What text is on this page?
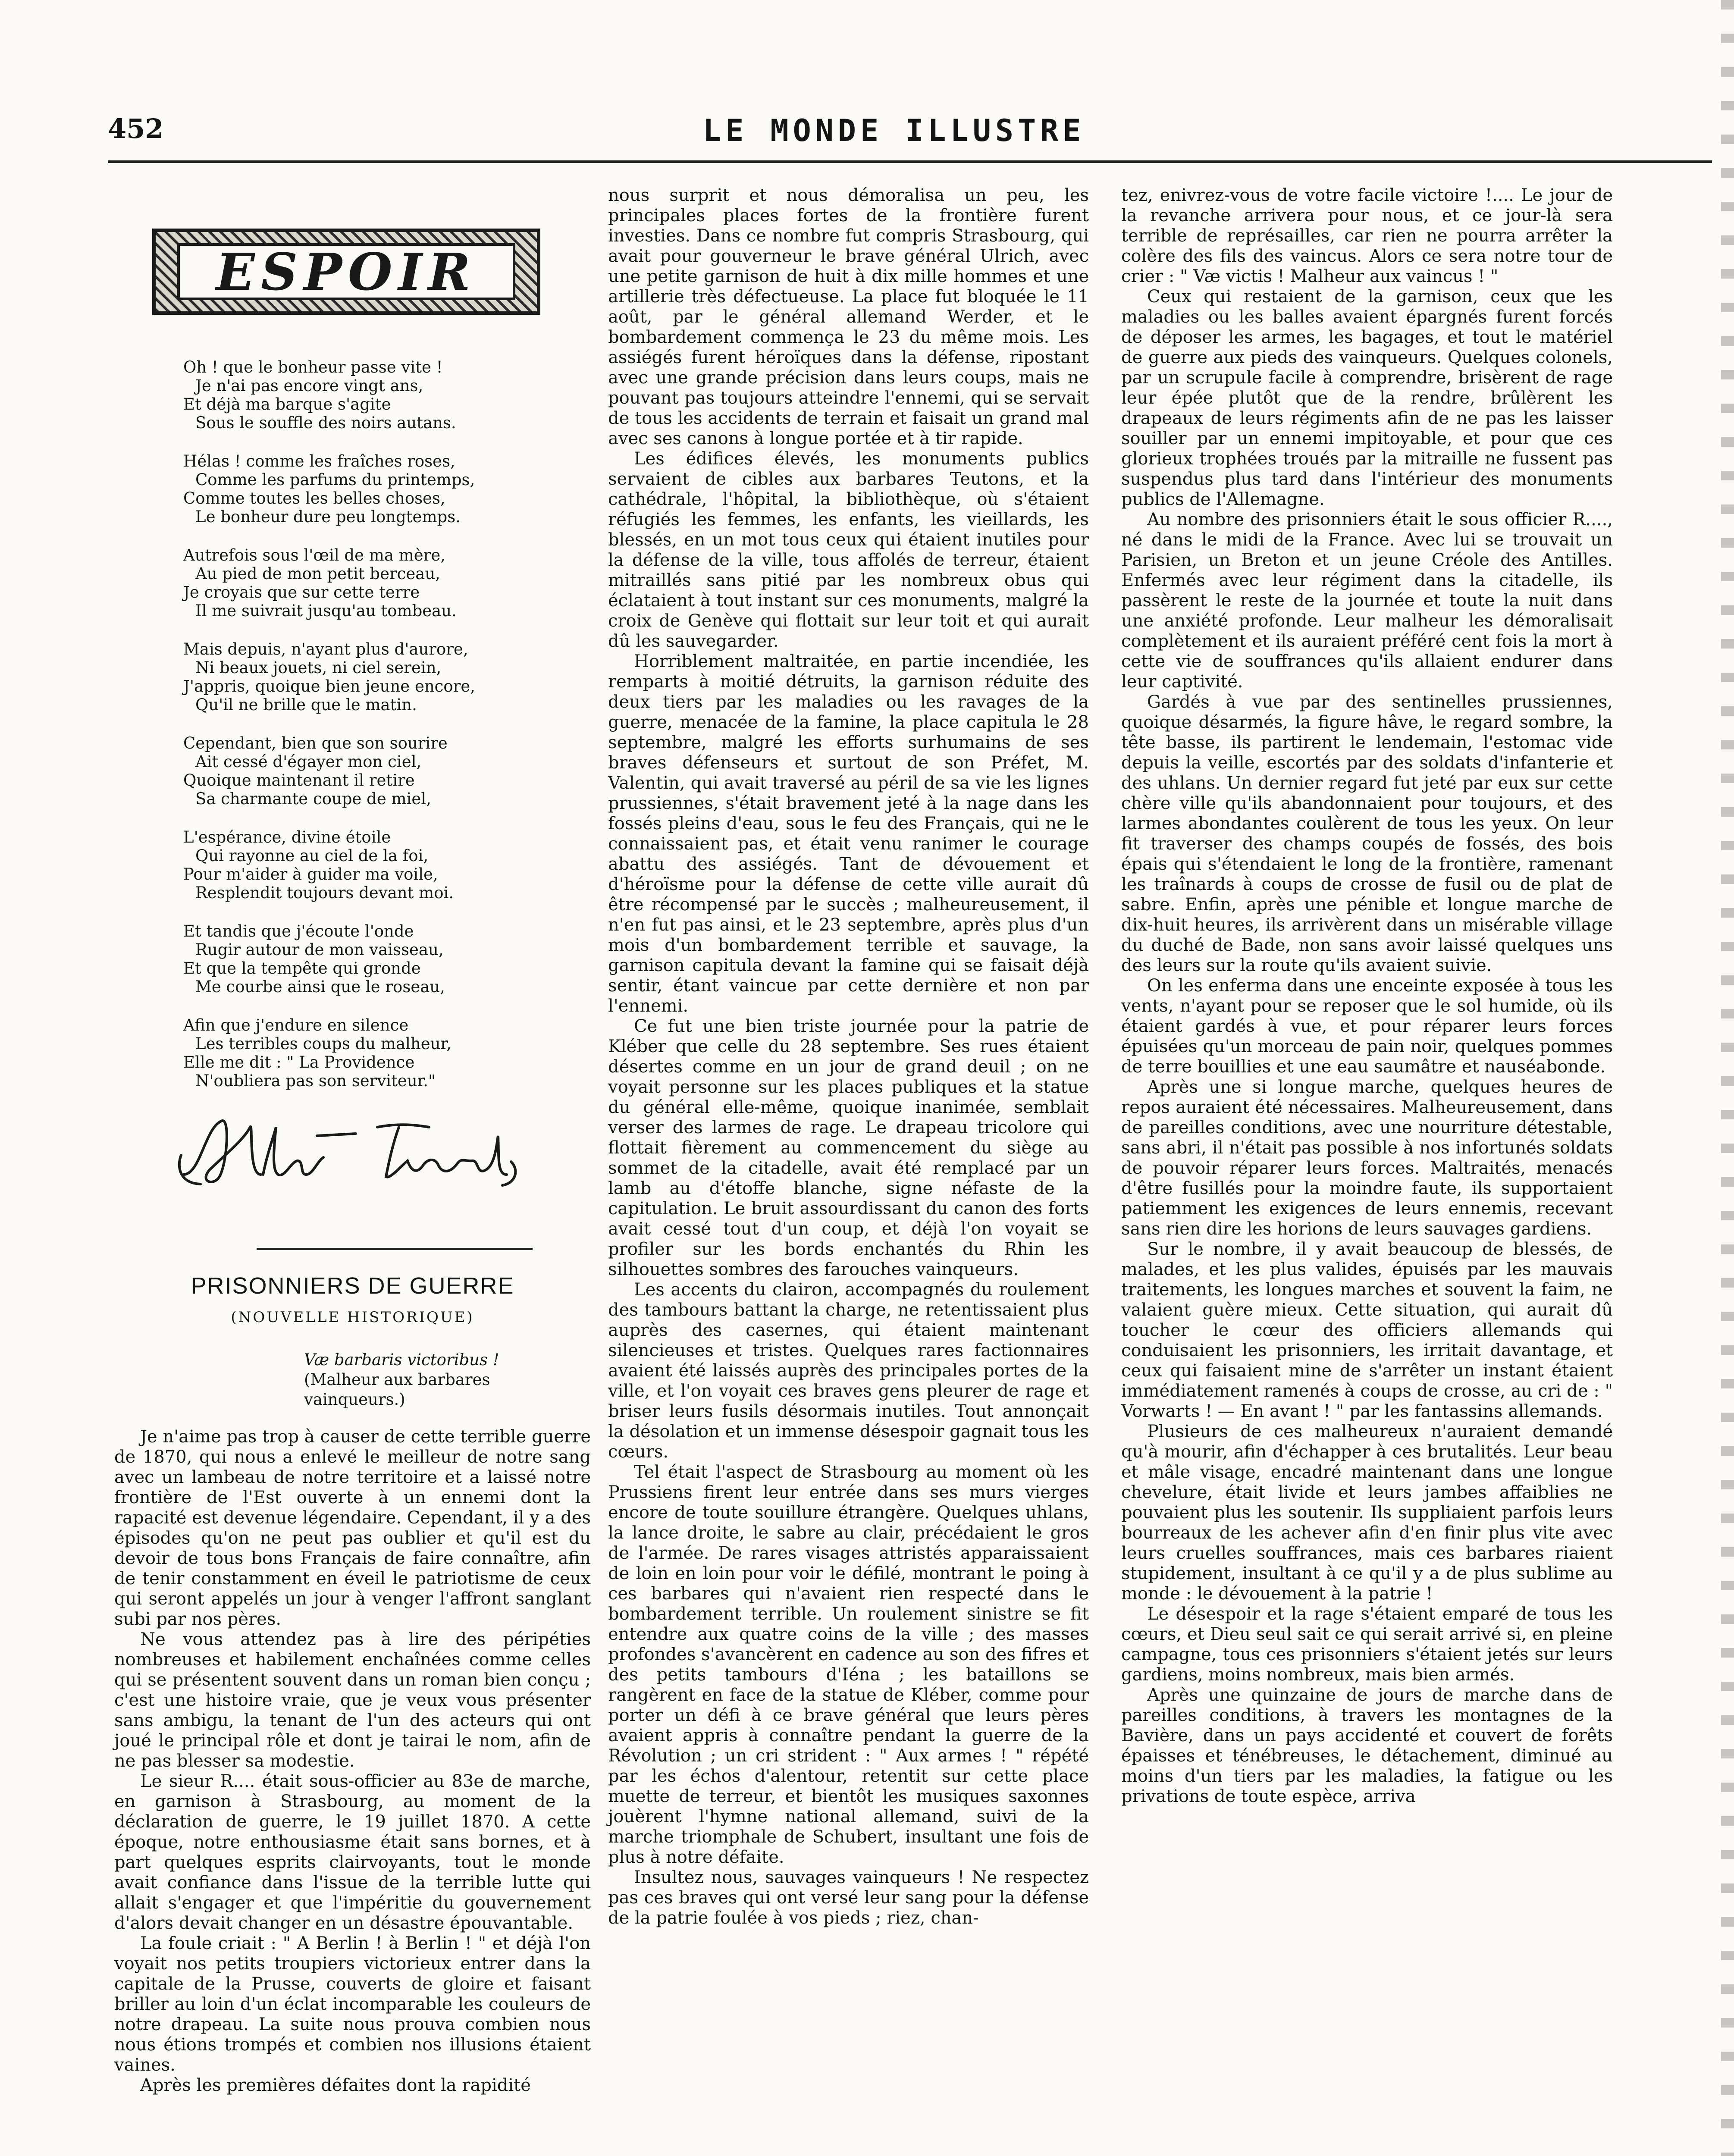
452	LE MONDE ILLUSTRE
ESPOIR
Oh ! que le bonheur passe vite !
Je n'ai pas encore vingt ans,
Et déjà ma barque s'agite
Sous le souffle des noirs autans.
Hélas ! comme les fraîches roses,
Comme les parfums du printemps,
Comme toutes les belles choses,
Le bonheur dure peu longtemps.
Autrefois sous l'œil de ma mère,
Au pied de mon petit berceau,
Je croyais que sur cette terre
Il me suivrait jusqu'au tombeau.
Mais depuis, n'ayant plus d'aurore,
Ni beaux jouets, ni ciel serein,
J'appris, quoique bien jeune encore,
Qu'il ne brille que le matin.
Cependant, bien que son sourire
Ait cessé d'égayer mon ciel,
Quoique maintenant il retire
Sa charmante coupe de miel,
L'espérance, divine étoile
Qui rayonne au ciel de la foi,
Pour m'aider à guider ma voile,
Resplendit toujours devant moi.
Et tandis que j'écoute l'onde
Rugir autour de mon vaisseau,
Et que la tempête qui gronde
Me courbe ainsi que le roseau,
Afin que j'endure en silence
Les terribles coups du malheur,
Elle me dit : " La Providence
N'oubliera pas son serviteur."
PRISONNIERS DE GUERRE
(NOUVELLE HISTORIQUE)
Væ barbaris victoribus !
(Malheur aux barbares vainqueurs.)

Je n'aime pas trop à causer de cette terrible guerre de 1870, qui nous a enlevé le meilleur de notre sang avec un lambeau de notre territoire et a laissé notre frontière de l'Est ouverte à un ennemi dont la rapacité est devenue légendaire. Cependant, il y a des épisodes qu'on ne peut pas oublier et qu'il est du devoir de tous bons Français de faire connaître, afin de tenir constamment en éveil le patriotisme de ceux qui seront appelés un jour à venger l'affront sanglant subi par nos pères.

Ne vous attendez pas à lire des péripéties nombreuses et habilement enchaînées comme celles qui se présentent souvent dans un roman bien conçu ; c'est une histoire vraie, que je veux vous présenter sans ambigu, la tenant de l'un des acteurs qui ont joué le principal rôle et dont je tairai le nom, afin de ne pas blesser sa modestie.

Le sieur R.... était sous-officier au 83e de marche, en garnison à Strasbourg, au moment de la déclaration de guerre, le 19 juillet 1870. A cette époque, notre enthousiasme était sans bornes, et à part quelques esprits clairvoyants, tout le monde avait confiance dans l'issue de la terrible lutte qui allait s'engager et que l'impéritie du gouvernement d'alors devait changer en un désastre épouvantable.

La foule criait : " A Berlin ! à Berlin ! " et déjà l'on voyait nos petits troupiers victorieux entrer dans la capitale de la Prusse, couverts de gloire et faisant briller au loin d'un éclat incomparable les couleurs de notre drapeau. La suite nous prouva combien nous nous étions trompés et combien nos illusions étaient vaines.

Après les premières défaites dont la rapidité

nous surprit et nous démoralisa un peu, les principales places fortes de la frontière furent investies. Dans ce nombre fut compris Strasbourg, qui avait pour gouverneur le brave général Ulrich, avec une petite garnison de huit à dix mille hommes et une artillerie très défectueuse. La place fut bloquée le 11 août, par le général allemand Werder, et le bombardement commença le 23 du même mois. Les assiégés furent héroïques dans la défense, ripostant avec une grande précision dans leurs coups, mais ne pouvant pas toujours atteindre l'ennemi, qui se servait de tous les accidents de terrain et faisait un grand mal avec ses canons à longue portée et à tir rapide.

Les édifices élevés, les monuments publics servaient de cibles aux barbares Teutons, et la cathédrale, l'hôpital, la bibliothèque, où s'étaient réfugiés les femmes, les enfants, les vieillards, les blessés, en un mot tous ceux qui étaient inutiles pour la défense de la ville, tous affolés de terreur, étaient mitraillés sans pitié par les nombreux obus qui éclataient à tout instant sur ces monuments, malgré la croix de Genève qui flottait sur leur toit et qui aurait dû les sauvegarder.

Horriblement maltraitée, en partie incendiée, les remparts à moitié détruits, la garnison réduite des deux tiers par les maladies ou les ravages de la guerre, menacée de la famine, la place capitula le 28 septembre, malgré les efforts surhumains de ses braves défenseurs et surtout de son Préfet, M. Valentin, qui avait traversé au péril de sa vie les lignes prussiennes, s'était bravement jeté à la nage dans les fossés pleins d'eau, sous le feu des Français, qui ne le connaissaient pas, et était venu ranimer le courage abattu des assiégés. Tant de dévouement et d'héroïsme pour la défense de cette ville aurait dû être récompensé par le succès ; malheureusement, il n'en fut pas ainsi, et le 23 septembre, après plus d'un mois d'un bombardement terrible et sauvage, la garnison capitula devant la famine qui se faisait déjà sentir, étant vaincue par cette dernière et non par l'ennemi.

Ce fut une bien triste journée pour la patrie de Kléber que celle du 28 septembre. Ses rues étaient désertes comme en un jour de grand deuil ; on ne voyait personne sur les places publiques et la statue du général elle-même, quoique inanimée, semblait verser des larmes de rage. Le drapeau tricolore qui flottait fièrement au commencement du siège au sommet de la citadelle, avait été remplacé par un lamb au d'étoffe blanche, signe néfaste de la capitulation. Le bruit assourdissant du canon des forts avait cessé tout d'un coup, et déjà l'on voyait se profiler sur les bords enchantés du Rhin les silhouettes sombres des farouches vainqueurs.

Les accents du clairon, accompagnés du roulement des tambours battant la charge, ne retentissaient plus auprès des casernes, qui étaient maintenant silencieuses et tristes. Quelques rares factionnaires avaient été laissés auprès des principales portes de la ville, et l'on voyait ces braves gens pleurer de rage et briser leurs fusils désormais inutiles. Tout annonçait la désolation et un immense désespoir gagnait tous les cœurs.

Tel était l'aspect de Strasbourg au moment où les Prussiens firent leur entrée dans ses murs vierges encore de toute souillure étrangère. Quelques uhlans, la lance droite, le sabre au clair, précédaient le gros de l'armée. De rares visages attristés apparaissaient de loin en loin pour voir le défilé, montrant le poing à ces barbares qui n'avaient rien respecté dans le bombardement terrible. Un roulement sinistre se fit entendre aux quatre coins de la ville ; des masses profondes s'avancèrent en cadence au son des fifres et des petits tambours d'Iéna ; les bataillons se rangèrent en face de la statue de Kléber, comme pour porter un défi à ce brave général que leurs pères avaient appris à connaître pendant la guerre de la Révolution ; un cri strident : " Aux armes ! " répété par les échos d'alentour, retentit sur cette place muette de terreur, et bientôt les musiques saxonnes jouèrent l'hymne national allemand, suivi de la marche triomphale de Schubert, insultant une fois de plus à notre défaite.

Insultez nous, sauvages vainqueurs ! Ne respectez pas ces braves qui ont versé leur sang pour la défense de la patrie foulée à vos pieds ; riez, chan-

tez, enivrez-vous de votre facile victoire !.... Le jour de la revanche arrivera pour nous, et ce jour-là sera terrible de représailles, car rien ne pourra arrêter la colère des fils des vaincus. Alors ce sera notre tour de crier : " Væ victis ! Malheur aux vaincus ! "

Ceux qui restaient de la garnison, ceux que les maladies ou les balles avaient épargnés furent forcés de déposer les armes, les bagages, et tout le matériel de guerre aux pieds des vainqueurs. Quelques colonels, par un scrupule facile à comprendre, brisèrent de rage leur épée plutôt que de la rendre, brûlèrent les drapeaux de leurs régiments afin de ne pas les laisser souiller par un ennemi impitoyable, et pour que ces glorieux trophées troués par la mitraille ne fussent pas suspendus plus tard dans l'intérieur des monuments publics de l'Allemagne.

Au nombre des prisonniers était le sous officier R...., né dans le midi de la France. Avec lui se trouvait un Parisien, un Breton et un jeune Créole des Antilles. Enfermés avec leur régiment dans la citadelle, ils passèrent le reste de la journée et toute la nuit dans une anxiété profonde. Leur malheur les démoralisait complètement et ils auraient préféré cent fois la mort à cette vie de souffrances qu'ils allaient endurer dans leur captivité.

Gardés à vue par des sentinelles prussiennes, quoique désarmés, la figure hâve, le regard sombre, la tête basse, ils partirent le lendemain, l'estomac vide depuis la veille, escortés par des soldats d'infanterie et des uhlans. Un dernier regard fut jeté par eux sur cette chère ville qu'ils abandonnaient pour toujours, et des larmes abondantes coulèrent de tous les yeux. On leur fit traverser des champs coupés de fossés, des bois épais qui s'étendaient le long de la frontière, ramenant les traînards à coups de crosse de fusil ou de plat de sabre. Enfin, après une pénible et longue marche de dix-huit heures, ils arrivèrent dans un misérable village du duché de Bade, non sans avoir laissé quelques uns des leurs sur la route qu'ils avaient suivie.

On les enferma dans une enceinte exposée à tous les vents, n'ayant pour se reposer que le sol humide, où ils étaient gardés à vue, et pour réparer leurs forces épuisées qu'un morceau de pain noir, quelques pommes de terre bouillies et une eau saumâtre et nauséabonde.

Après une si longue marche, quelques heures de repos auraient été nécessaires. Malheureusement, dans de pareilles conditions, avec une nourriture détestable, sans abri, il n'était pas possible à nos infortunés soldats de pouvoir réparer leurs forces. Maltraités, menacés d'être fusillés pour la moindre faute, ils supportaient patiemment les exigences de leurs ennemis, recevant sans rien dire les horions de leurs sauvages gardiens.

Sur le nombre, il y avait beaucoup de blessés, de malades, et les plus valides, épuisés par les mauvais traitements, les longues marches et souvent la faim, ne valaient guère mieux. Cette situation, qui aurait dû toucher le cœur des officiers allemands qui conduisaient les prisonniers, les irritait davantage, et ceux qui faisaient mine de s'arrêter un instant étaient immédiatement ramenés à coups de crosse, au cri de : " Vorwarts ! — En avant ! " par les fantassins allemands.

Plusieurs de ces malheureux n'auraient demandé qu'à mourir, afin d'échapper à ces brutalités. Leur beau et mâle visage, encadré maintenant dans une longue chevelure, était livide et leurs jambes affaiblies ne pouvaient plus les soutenir. Ils suppliaient parfois leurs bourreaux de les achever afin d'en finir plus vite avec leurs cruelles souffrances, mais ces barbares riaient stupidement, insultant à ce qu'il y a de plus sublime au monde : le dévouement à la patrie !

Le désespoir et la rage s'étaient emparé de tous les cœurs, et Dieu seul sait ce qui serait arrivé si, en pleine campagne, tous ces prisonniers s'étaient jetés sur leurs gardiens, moins nombreux, mais bien armés.

Après une quinzaine de jours de marche dans de pareilles conditions, à travers les montagnes de la Bavière, dans un pays accidenté et couvert de forêts épaisses et ténébreuses, le détachement, diminué au moins d'un tiers par les maladies, la fatigue ou les privations de toute espèce, arriva
